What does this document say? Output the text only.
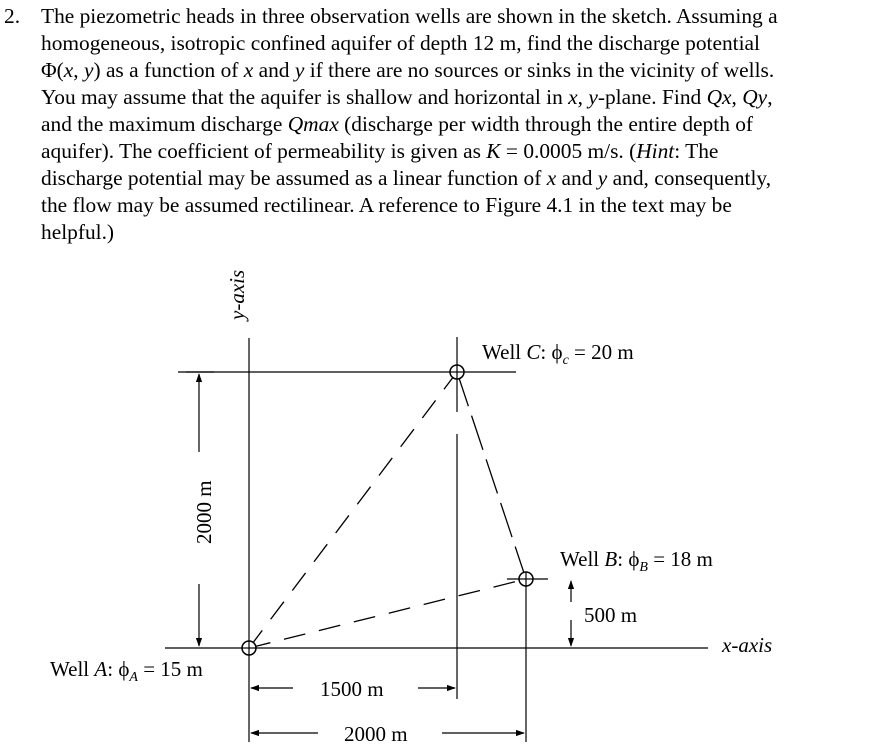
2. The piezometric heads in three observation wells are shown in the sketch. Assuming a
homogeneous, isotropic confined aquifer of depth 12 m, find the discharge potential
Φ(x, y) as a function of x and y if there are no sources or sinks in the vicinity of wells.
You may assume that the aquifer is shallow and horizontal in x, y-plane. Find Qx, Qy,
and the maximum discharge Qmax (discharge per width through the entire depth of
aquifer). The coefficient of permeability is given as K = 0.0005 m/s. (Hint: The
discharge potential may be assumed as a linear function of x and y and, consequently,
the flow may be assumed rectilinear. A reference to Figure 4.1 in the text may be
helpful.)
y-axis
x-axis
2000 m
500 m
1500 m
2000 m
Well C: $\phi_c = 20$ m
Well B: $\phi_B = 18$ m
Well A: $\phi_A = 15$ m
